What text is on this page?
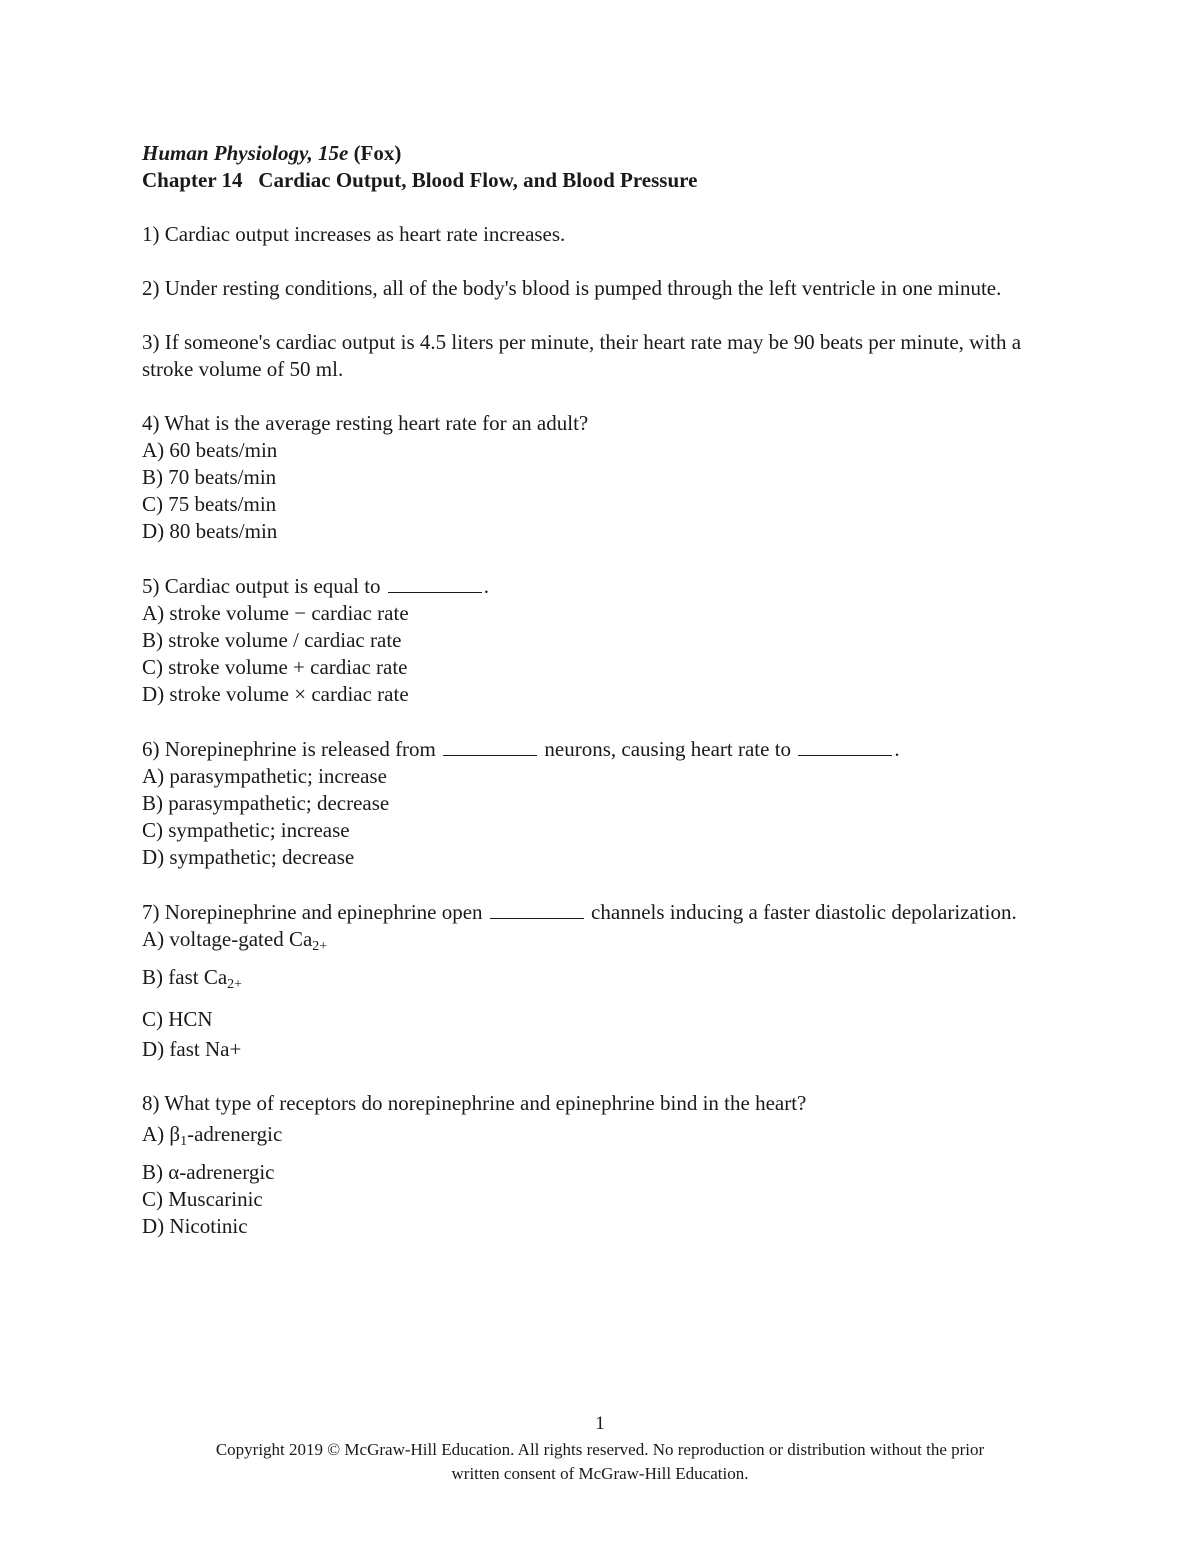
Human Physiology, 15e (Fox)
Chapter 14   Cardiac Output, Blood Flow, and Blood Pressure
1) Cardiac output increases as heart rate increases.
2) Under resting conditions, all of the body's blood is pumped through the left ventricle in one minute.
3) If someone's cardiac output is 4.5 liters per minute, their heart rate may be 90 beats per minute, with a stroke volume of 50 ml.
4) What is the average resting heart rate for an adult?
A) 60 beats/min
B) 70 beats/min
C) 75 beats/min
D) 80 beats/min
5) Cardiac output is equal to	.
A) stroke volume − cardiac rate
B) stroke volume / cardiac rate
C) stroke volume + cardiac rate
D) stroke volume × cardiac rate
6) Norepinephrine is released from	neurons, causing heart rate to	.
A) parasympathetic; increase
B) parasympathetic; decrease
C) sympathetic; increase
D) sympathetic; decrease
7) Norepinephrine and epinephrine open	channels inducing a faster diastolic depolarization.
A) voltage-gated $Ca_{2+}$
B) fast $Ca_{2+}$
C) HCN
D) fast Na+
8) What type of receptors do norepinephrine and epinephrine bind in the heart?
A) $\beta_1$-adrenergic
B) α-adrenergic
C) Muscarinic
D) Nicotinic
1
Copyright 2019 © McGraw-Hill Education. All rights reserved. No reproduction or distribution without the prior
written consent of McGraw-Hill Education.
